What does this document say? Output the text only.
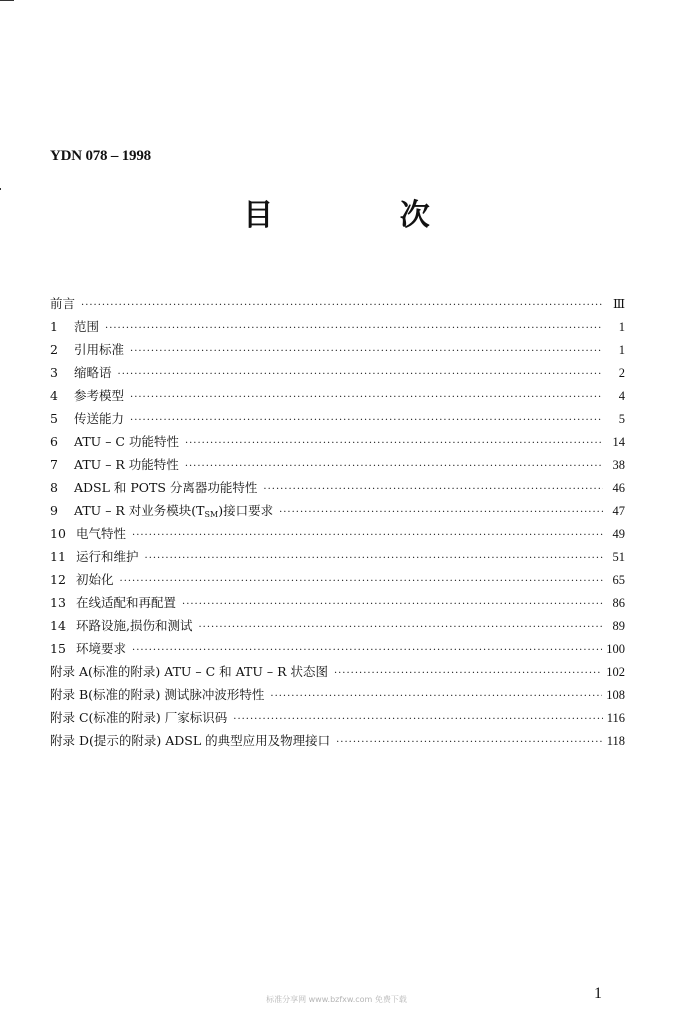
YDN 078 – 1998
目 次
前言 ·····	Ⅲ
1	范围 ·····	1
2	引用标准 ·····	1
3	缩略语 ·····	2
4	参考模型 ·····	4
5	传送能力 ·····	5
6	ATU – C 功能特性 ·····	14
7	ATU – R 功能特性 ·····	38
8	ADSL 和 POTS 分离器功能特性 ·····	46
9	ATU – R 对业务模块$(T_{SM})$接口要求 ·····	47
10 电气特性 ·····	49
11 运行和维护 ·····	51
12 初始化 ·····	65
13 在线适配和再配置 ·····	86
14 环路设施,损伤和测试 ·····	89
15 环境要求 ·····	100
附录 A(标准的附录) ATU – C 和 ATU – R 状态图 ·····	102
附录 B(标准的附录) 测试脉冲波形特性 ·····	108
附录 C(标准的附录) 厂家标识码 ·····	116
附录 D(提示的附录) ADSL 的典型应用及物理接口 ·····	118
标准分享网 www.bzfxw.com 免费下载	1
